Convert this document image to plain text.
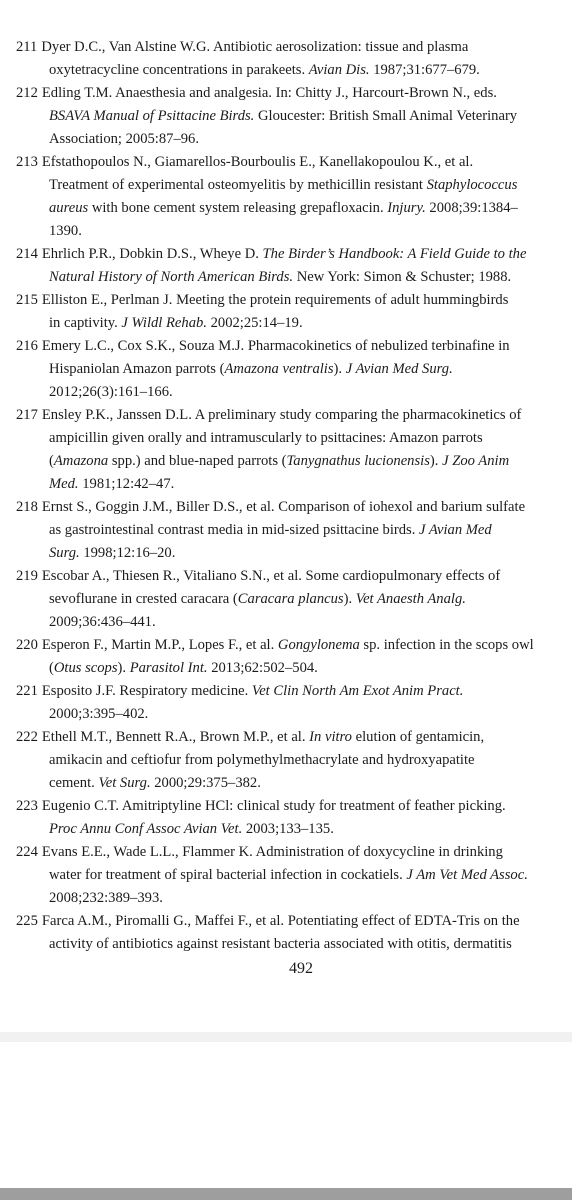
211 Dyer D.C., Van Alstine W.G. Antibiotic aerosolization: tissue and plasma
oxytetracycline concentrations in parakeets. Avian Dis. 1987;31:677–679.
212 Edling T.M. Anaesthesia and analgesia. In: Chitty J., Harcourt-Brown N., eds.
BSAVA Manual of Psittacine Birds. Gloucester: British Small Animal Veterinary
Association; 2005:87–96.
213 Efstathopoulos N., Giamarellos-Bourboulis E., Kanellakopoulou K., et al.
Treatment of experimental osteomyelitis by methicillin resistant Staphylococcus
aureus with bone cement system releasing grepafloxacin. Injury. 2008;39:1384–
1390.
214 Ehrlich P.R., Dobkin D.S., Wheye D. The Birder’s Handbook: A Field Guide to the
Natural History of North American Birds. New York: Simon & Schuster; 1988.
215 Elliston E., Perlman J. Meeting the protein requirements of adult hummingbirds
in captivity. J Wildl Rehab. 2002;25:14–19.
216 Emery L.C., Cox S.K., Souza M.J. Pharmacokinetics of nebulized terbinafine in
Hispaniolan Amazon parrots (Amazona ventralis). J Avian Med Surg.
2012;26(3):161–166.
217 Ensley P.K., Janssen D.L. A preliminary study comparing the pharmacokinetics of
ampicillin given orally and intramuscularly to psittacines: Amazon parrots
(Amazona spp.) and blue-naped parrots (Tanygnathus lucionensis). J Zoo Anim
Med. 1981;12:42–47.
218 Ernst S., Goggin J.M., Biller D.S., et al. Comparison of iohexol and barium sulfate
as gastrointestinal contrast media in mid-sized psittacine birds. J Avian Med
Surg. 1998;12:16–20.
219 Escobar A., Thiesen R., Vitaliano S.N., et al. Some cardiopulmonary effects of
sevoflurane in crested caracara (Caracara plancus). Vet Anaesth Analg.
2009;36:436–441.
220 Esperon F., Martin M.P., Lopes F., et al. Gongylonema sp. infection in the scops owl
(Otus scops). Parasitol Int. 2013;62:502–504.
221 Esposito J.F. Respiratory medicine. Vet Clin North Am Exot Anim Pract.
2000;3:395–402.
222 Ethell M.T., Bennett R.A., Brown M.P., et al. In vitro elution of gentamicin,
amikacin and ceftiofur from polymethylmethacrylate and hydroxyapatite
cement. Vet Surg. 2000;29:375–382.
223 Eugenio C.T. Amitriptyline HCl: clinical study for treatment of feather picking.
Proc Annu Conf Assoc Avian Vet. 2003;133–135.
224 Evans E.E., Wade L.L., Flammer K. Administration of doxycycline in drinking
water for treatment of spiral bacterial infection in cockatiels. J Am Vet Med Assoc.
2008;232:389–393.
225 Farca A.M., Piromalli G., Maffei F., et al. Potentiating effect of EDTA-Tris on the
activity of antibiotics against resistant bacteria associated with otitis, dermatitis
492
